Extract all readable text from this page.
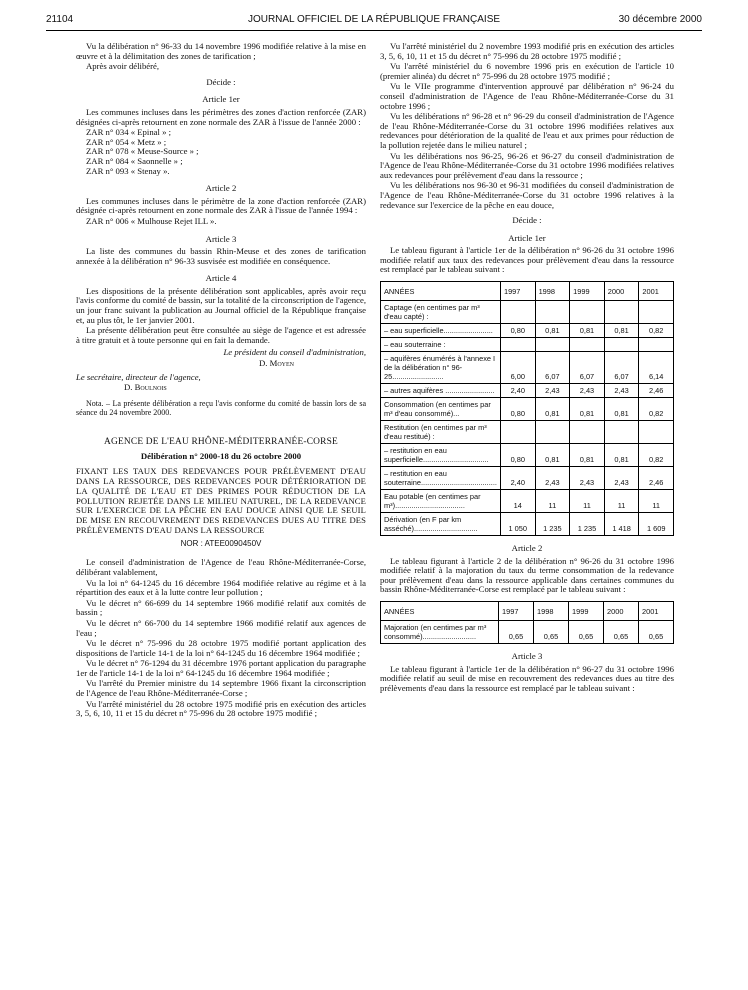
21104	JOURNAL OFFICIEL DE LA RÉPUBLIQUE FRANÇAISE	30 décembre 2000

Vu la délibération n° 96-33 du 14 novembre 1996 modifiée relative à la mise en œuvre et à la délimitation des zones de tarification ;

Après avoir délibéré,

Décide :

Article 1er

Les communes incluses dans les périmètres des zones d'action renforcée (ZAR) désignées ci-après retournent en zone normale des ZAR à l'issue de l'année 2000 :

ZAR n° 034 « Epinal » ;

ZAR n° 054 « Metz » ;

ZAR n° 078 « Meuse-Source » ;

ZAR n° 084 « Saonnelle » ;

ZAR n° 093 « Stenay ».

Article 2

Les communes incluses dans le périmètre de la zone d'action renforcée (ZAR) désignée ci-après retournent en zone normale des ZAR à l'issue de l'année 1994 :

ZAR n° 006 « Mulhouse Rejet ILL ».

Article 3

La liste des communes du bassin Rhin-Meuse et des zones de tarification annexée à la délibération n° 96-33 susvisée est modifiée en conséquence.

Article 4

Les dispositions de la présente délibération sont applicables, après avoir reçu l'avis conforme du comité de bassin, sur la totalité de la circonscription de l'agence, un jour franc suivant la publication au Journal officiel de la République française et, au plus tôt, le 1er janvier 2001.

La présente délibération peut être consultée au siège de l'agence et est adressée à titre gratuit et à toute personne qui en fait la demande.

Le président du conseil d'administration,

D. Moyen

Le secrétaire, directeur de l'agence,

D. Boulnois

Nota. – La présente délibération a reçu l'avis conforme du comité de bassin lors de sa séance du 24 novembre 2000.

AGENCE DE L'EAU RHÔNE-MÉDITERRANÉE-CORSE

Délibération n° 2000-18 du 26 octobre 2000

FIXANT LES TAUX DES REDEVANCES POUR PRÉLÈVEMENT D'EAU DANS LA RESSOURCE, DES REDEVANCES POUR DÉTÉRIORATION DE LA QUALITÉ DE L'EAU ET DES PRIMES POUR RÉDUCTION DE LA POLLUTION REJETÉE DANS LE MILIEU NATUREL, DE LA REDEVANCE SUR L'EXERCICE DE LA PÊCHE EN EAU DOUCE AINSI QUE LE SEUIL DE MISE EN RECOUVREMENT DES REDEVANCES DUES AU TITRE DES PRÉLÈVEMENTS D'EAU DANS LA RESSOURCE

NOR : ATEE0090450V

Le conseil d'administration de l'Agence de l'eau Rhône-Méditerranée-Corse, délibérant valablement,

Vu la loi n° 64-1245 du 16 décembre 1964 modifiée relative au régime et à la répartition des eaux et à la lutte contre leur pollution ;

Vu le décret n° 66-699 du 14 septembre 1966 modifié relatif aux comités de bassin ;

Vu le décret n° 66-700 du 14 septembre 1966 modifié relatif aux agences de l'eau ;

Vu le décret n° 75-996 du 28 octobre 1975 modifié portant application des dispositions de l'article 14-1 de la loi n° 64-1245 du 16 décembre 1964 modifiée ;

Vu le décret n° 76-1294 du 31 décembre 1976 portant application du paragraphe 1er de l'article 14-1 de la loi n° 64-1245 du 16 décembre 1964 modifiée ;

Vu l'arrêté du Premier ministre du 14 septembre 1966 fixant la circonscription de l'Agence de l'eau Rhône-Méditerranée-Corse ;

Vu l'arrêté ministériel du 28 octobre 1975 modifié pris en exécution des articles 3, 5, 6, 10, 11 et 15 du décret n° 75-996 du 28 octobre 1975 modifié ;

Vu l'arrêté ministériel du 2 novembre 1993 modifié pris en exécution des articles 3, 5, 6, 10, 11 et 15 du décret n° 75-996 du 28 octobre 1975 modifié ;

Vu l'arrêté ministériel du 6 novembre 1996 pris en exécution de l'article 10 (premier alinéa) du décret n° 75-996 du 28 octobre 1975 modifié ;

Vu le VIIe programme d'intervention approuvé par délibération n° 96-24 du conseil d'administration de l'Agence de l'eau Rhône-Méditerranée-Corse du 31 octobre 1996 ;

Vu les délibérations n° 96-28 et n° 96-29 du conseil d'administration de l'Agence de l'eau Rhône-Méditerranée-Corse du 31 octobre 1996 modifiées relatives aux redevances pour détérioration de la qualité de l'eau et aux primes pour réduction de la pollution rejetée dans le milieu naturel ;

Vu les délibérations nos 96-25, 96-26 et 96-27 du conseil d'administration de l'Agence de l'eau Rhône-Méditerranée-Corse du 31 octobre 1996 modifiées relatives aux redevances pour prélèvement d'eau dans la ressource ;

Vu les délibérations nos 96-30 et 96-31 modifiées du conseil d'administration de l'Agence de l'eau Rhône-Méditerranée-Corse du 31 octobre 1996 relatives à la redevance sur l'exercice de la pêche en eau douce,

Décide :

Article 1er

Le tableau figurant à l'article 1er de la délibération n° 96-26 du 31 octobre 1996 modifiée relatif aux taux des redevances pour prélèvement d'eau dans la ressource est remplacé par le tableau suivant :

ANNÉES	1997	1998	1999	2000	2001
Captage (en centimes par m³ d'eau capté) :					
– eau superficielle........................	0,80	0,81	0,81	0,81	0,82
– eau souterraine :					
– aquifères énumérés à l'annexe I de la délibération n° 96-25.........................	6,00	6,07	6,07	6,07	6,14
– autres aquifères ........................	2,40	2,43	2,43	2,43	2,46
Consommation (en centimes par m³ d'eau consommé)...	0,80	0,81	0,81	0,81	0,82
Restitution (en centimes par m³ d'eau restitué) :					
– restitution en eau superficielle................................	0,80	0,81	0,81	0,81	0,82
– restitution en eau souterraine.....................................	2,40	2,43	2,43	2,43	2,46
Eau potable (en centimes par m³)..................................	14	11	11	11	11
Dérivation (en F par km asséché)...............................	1 050	1 235	1 235	1 418	1 609

Article 2

Le tableau figurant à l'article 2 de la délibération n° 96-26 du 31 octobre 1996 modifiée relatif à la majoration du taux du terme consommation de la redevance pour prélèvement d'eau dans la ressource applicable dans certaines communes du bassin Rhône-Méditerranée-Corse est remplacé par le tableau suivant :

ANNÉES	1997	1998	1999	2000	2001
Majoration (en centimes par m³ consommé)..........................	0,65	0,65	0,65	0,65	0,65

Article 3

Le tableau figurant à l'article 1er de la délibération n° 96-27 du 31 octobre 1996 modifiée relatif au seuil de mise en recouvrement des redevances dues au titre des prélèvements d'eau dans la ressource est remplacé par le tableau suivant :
